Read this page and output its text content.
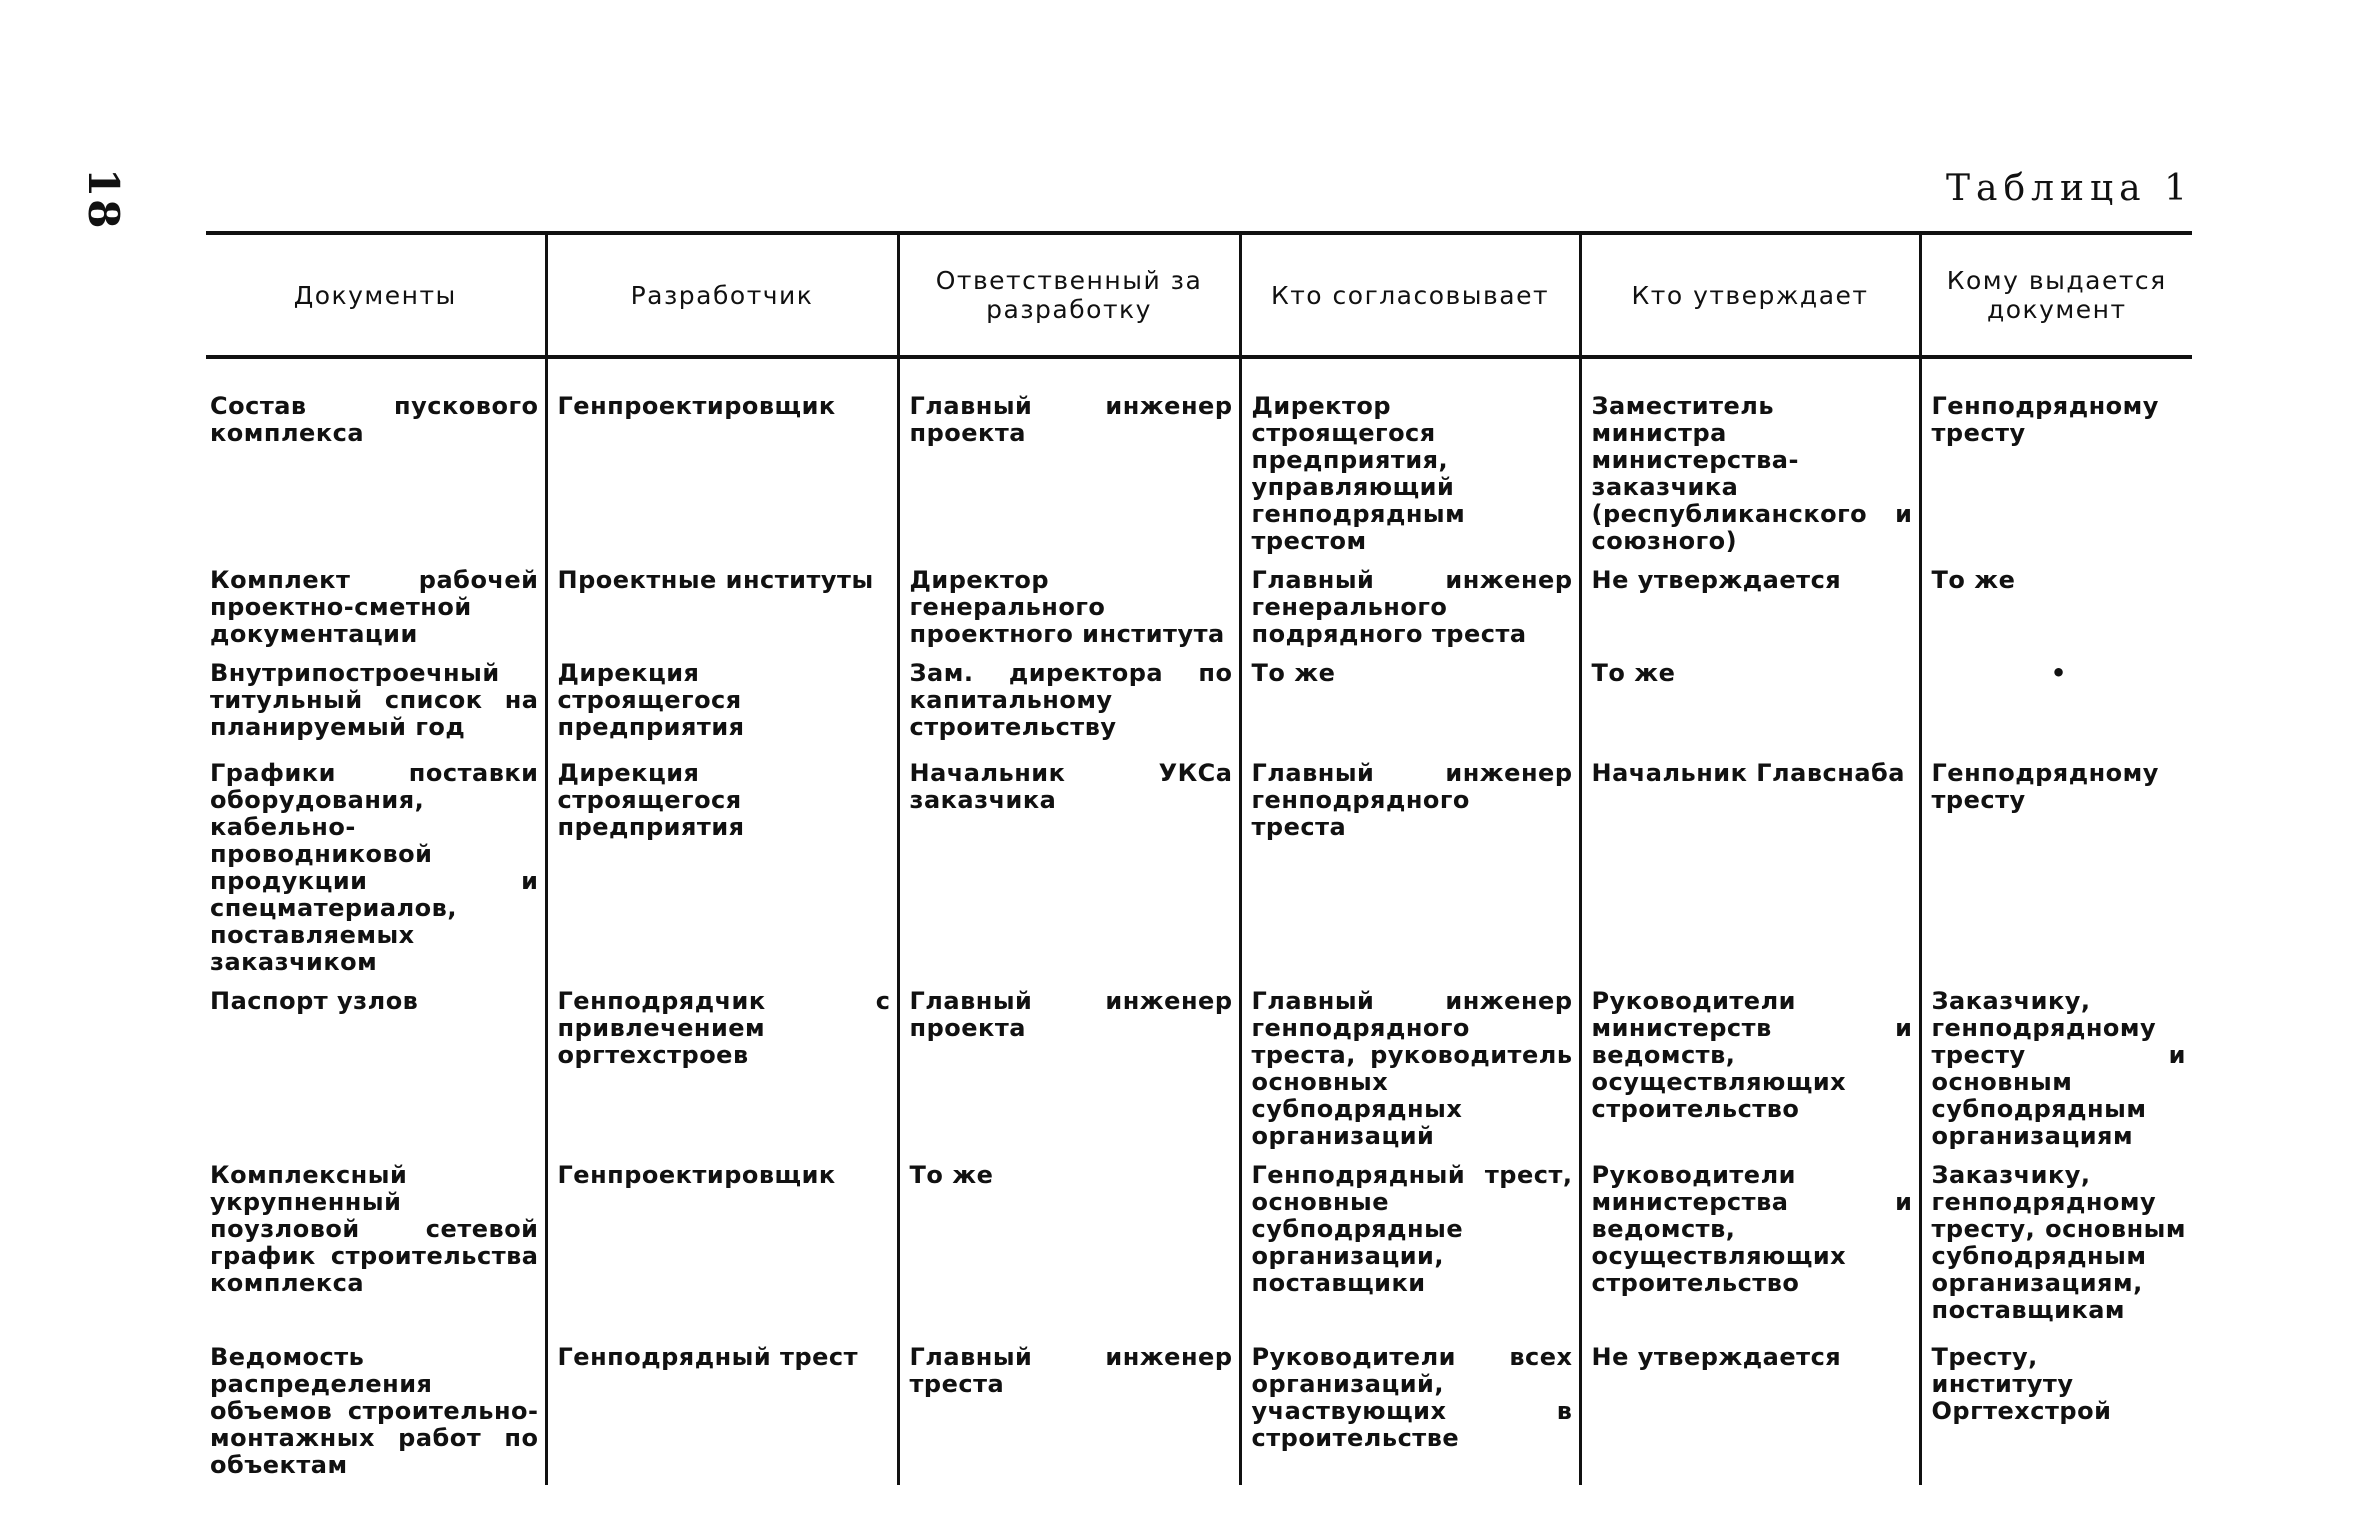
18	Таблица 1
Документы	Разработчик	Ответственный за разработку	Кто согласовывает	Кто утверждает	Кому выдается документ
Состав пускового комплекса	Генпроектировщик	Главный инженер проекта	Директор строящегося предприятия, управляющий генподрядным трестом	Заместитель министра министерства-заказчика (республиканского и союзного)	Генподрядному тресту
Комплект рабочей проектно-сметной документации	Проектные институты	Директор генерального проектного института	Главный инженер генерального подрядного треста	Не утверждается	То же
Внутрипостроечный титульный список на планируемый год	Дирекция строящегося предприятия	Зам. директора по капитальному строительству	То же	То же	•
Графики поставки оборудования, кабельно-проводниковой продукции и спецматериалов, поставляемых заказчиком	Дирекция строящегося предприятия	Начальник УКСа заказчика	Главный инженер генподрядного треста	Начальник Главснаба	Генподрядному тресту
Паспорт узлов	Генподрядчик с привлечением оргтехстроев	Главный инженер проекта	Главный инженер генподрядного треста, руководитель основных субподрядных организаций	Руководители министерств и ведомств, осуществляющих строительство	Заказчику, генподрядному тресту и основным субподрядным организациям
Комплексный укрупненный поузловой сетевой график строительства комплекса	Генпроектировщик	То же	Генподрядный трест, основные субподрядные организации, поставщики	Руководители министерства и ведомств, осуществляющих строительство	Заказчику, генподрядному тресту, основным субподрядным организациям, поставщикам
Ведомость распределения объемов строительно-монтажных работ по объектам	Генподрядный трест	Главный инженер треста	Руководители всех организаций, участвующих в строительстве	Не утверждается	Тресту, институту Оргтехстрой
